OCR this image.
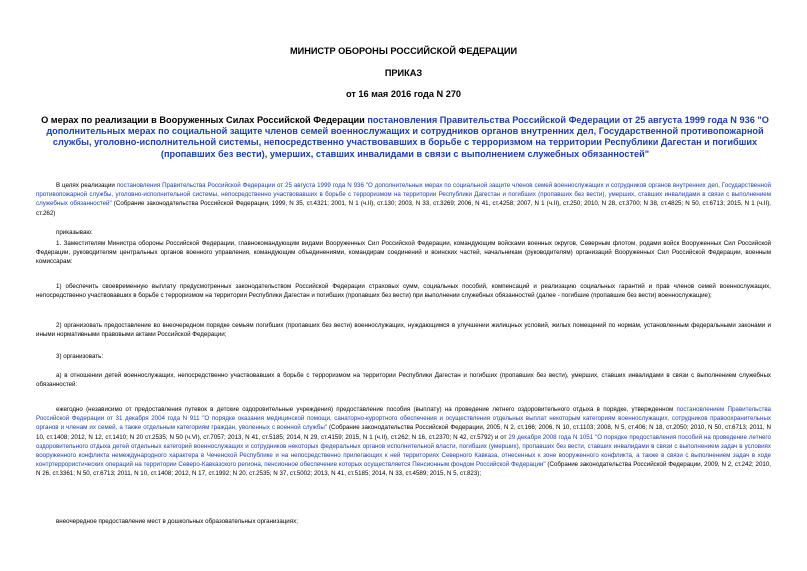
МИНИСТР ОБОРОНЫ РОССИЙСКОЙ ФЕДЕРАЦИИ
ПРИКАЗ
от 16 мая 2016 года N 270
О мерах по реализации в Вооруженных Силах Российской Федерации постановления Правительства Российской Федерации от 25 августа 1999 года N 936 "О дополнительных мерах по социальной защите членов семей военнослужащих и сотрудников органов внутренних дел, Государственной противопожарной службы, уголовно-исполнительной системы, непосредственно участвовавших в борьбе с терроризмом на территории Республики Дагестан и погибших (пропавших без вести), умерших, ставших инвалидами в связи с выполнением служебных обязанностей"
В целях реализации постановления Правительства Российской Федерации от 25 августа 1999 года N 936 "О дополнительных мерах по социальной защите членов семей военнослужащих и сотрудников органов внутренних дел, Государственной противопожарной службы, уголовно-исполнительной системы, непосредственно участвовавших в борьбе с терроризмом на территории Республики Дагестан и погибших (пропавших без вести), умерших, ставших инвалидами в связи с выполнением служебных обязанностей" (Собрание законодательства Российской Федерации, 1999, N 35, ст.4321; 2001, N 1 (ч.II), ст.130; 2003, N 33, ст.3269; 2006, N 41, ст.4258; 2007, N 1 (ч.II), ст.250; 2010, N 28, ст.3700; N 38, ст.4825; N 50, ст.6713; 2015, N 1 (ч.II), ст.262)
приказываю:
1. Заместителям Министра обороны Российской Федерации, главнокомандующим видами Вооруженных Сил Российской Федерации, командующим войсками военных округов, Северным флотом, родами войск Вооруженных Сил Российской Федерации, руководителям центральных органов военного управления, командующим объединениями, командирам соединений и воинских частей, начальникам (руководителям) организаций Вооруженных Сил Российской Федерации, военным комиссарам:
1) обеспечить своевременную выплату предусмотренных законодательством Российской Федерации страховых сумм, социальных пособий, компенсаций и реализацию социальных гарантий и прав членов семей военнослужащих, непосредственно участвовавших в борьбе с терроризмом на территории Республики Дагестан и погибших (пропавших без вести) при выполнении служебных обязанностей (далее - погибшие (пропавшие без вести) военнослужащие);
2) организовать предоставление во внеочередном порядке семьям погибших (пропавших без вести) военнослужащих, нуждающимся в улучшении жилищных условий, жилых помещений по нормам, установленным федеральными законами и иными нормативными правовыми актами Российской Федерации;
3) организовать:
а) в отношении детей военнослужащих, непосредственно участвовавших в борьбе с терроризмом на территории Республики Дагестан и погибших (пропавших без вести), умерших, ставших инвалидами в связи с выполнением служебных обязанностей:
ежегодно (независимо от предоставления путевок в детские оздоровительные учреждения) предоставление пособия (выплату) на проведение летнего оздоровительного отдыха в порядке, утвержденном постановлением Правительства Российской Федерации от 31 декабря 2004 года N 911 "О порядке оказания медицинской помощи, санаторно-курортного обеспечения и осуществления отдельных выплат некоторым категориям военнослужащих, сотрудников правоохранительных органов и членам их семей, а также отдельным категориям граждан, уволенных с военной службы" (Собрание законодательства Российской Федерации, 2005, N 2, ст.166; 2006, N 10, ст.1103; 2008, N 5, ст.406; N 18, ст.2050; 2010, N 50, ст.6713; 2011, N 10, ст.1408; 2012, N 12, ст.1410; N 20 ст.2535; N 50 (ч.VI), ст.7057; 2013, N 41, ст.5185; 2014, N 29, ст.4159; 2015, N 1 (ч.II), ст.262; N 16, ст.2370; N 42, ст.5792) и от 29 декабря 2008 года N 1051 "О порядке предоставления пособий на проведение летнего оздоровительного отдыха детей отдельных категорий военнослужащих и сотрудников некоторых федеральных органов исполнительной власти, погибших (умерших), пропавших без вести, ставших инвалидами в связи с выполнением задач в условиях вооруженного конфликта немеждународного характера в Чеченской Республике и на непосредственно прилегающих к ней территориях Северного Кавказа, отнесенных к зоне вооруженного конфликта, а также в связи с выполнением задач в ходе контртеррористических операций на территории Северо-Кавказского региона, пенсионное обеспечение которых осуществляется Пенсионным фондом Российской Федерации" (Собрание законодательства Российской Федерации, 2009, N 2, ст.242; 2010, N 26, ст.3361; N 50, ст.6713; 2011, N 10, ст.1408; 2012, N 17, ст.1992; N 20, ст.2535; N 37, ст.5002; 2013, N 41, ст.5185; 2014, N 33, ст.4589; 2015, N 5, ст.823);
внеочередное предоставление мест в дошкольных образовательных организациях;
